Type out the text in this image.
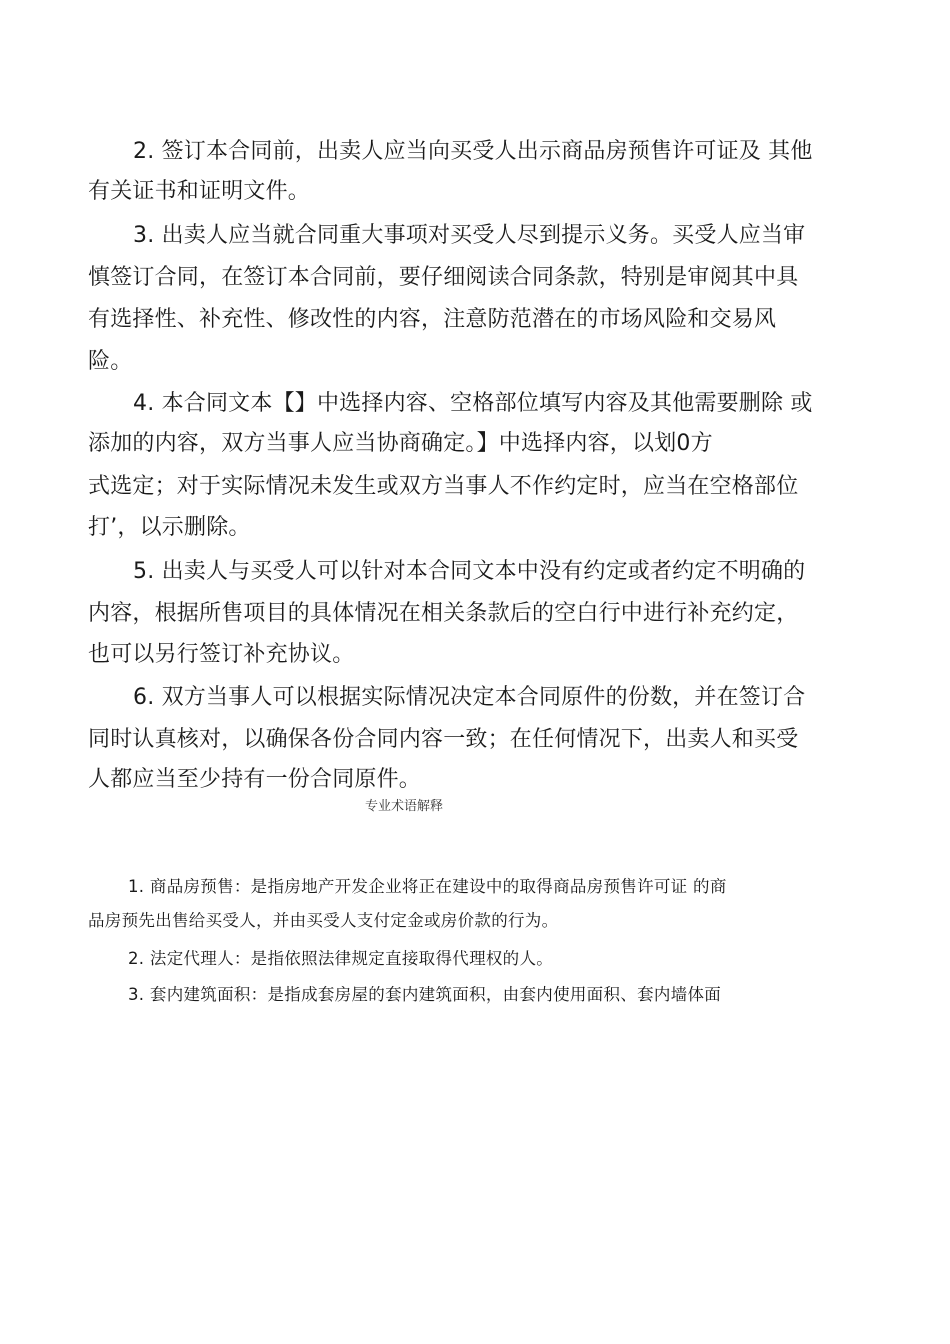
2. 签订本合同前，出卖人应当向买受人出示商品房预售许可证及 其他

有关证书和证明文件。

3. 出卖人应当就合同重大事项对买受人尽到提示义务。买受人应当审

慎签订合同，在签订本合同前，要仔细阅读合同条款，特别是审阅其中具

有选择性、补充性、修改性的内容，注意防范潜在的市场风险和交易风

险。

4. 本合同文本【】中选择内容、空格部位填写内容及其他需要删除 或

添加的内容，双方当事人应当协商确定。】中选择内容，以划0方

式选定；对于实际情况未发生或双方当事人不作约定时，应当在空格部位

打’，以示删除。

5. 出卖人与买受人可以针对本合同文本中没有约定或者约定不明确的

内容，根据所售项目的具体情况在相关条款后的空白行中进行补充约定，

也可以另行签订补充协议。

6. 双方当事人可以根据实际情况决定本合同原件的份数，并在签订合

同时认真核对，以确保各份合同内容一致；在任何情况下，出卖人和买受

人都应当至少持有一份合同原件。

专业术语解释

1. 商品房预售：是指房地产开发企业将正在建设中的取得商品房预售许可证 的商

品房预先出售给买受人，并由买受人支付定金或房价款的行为。

2. 法定代理人：是指依照法律规定直接取得代理权的人。

3. 套内建筑面积：是指成套房屋的套内建筑面积，由套内使用面积、套内墙体面
